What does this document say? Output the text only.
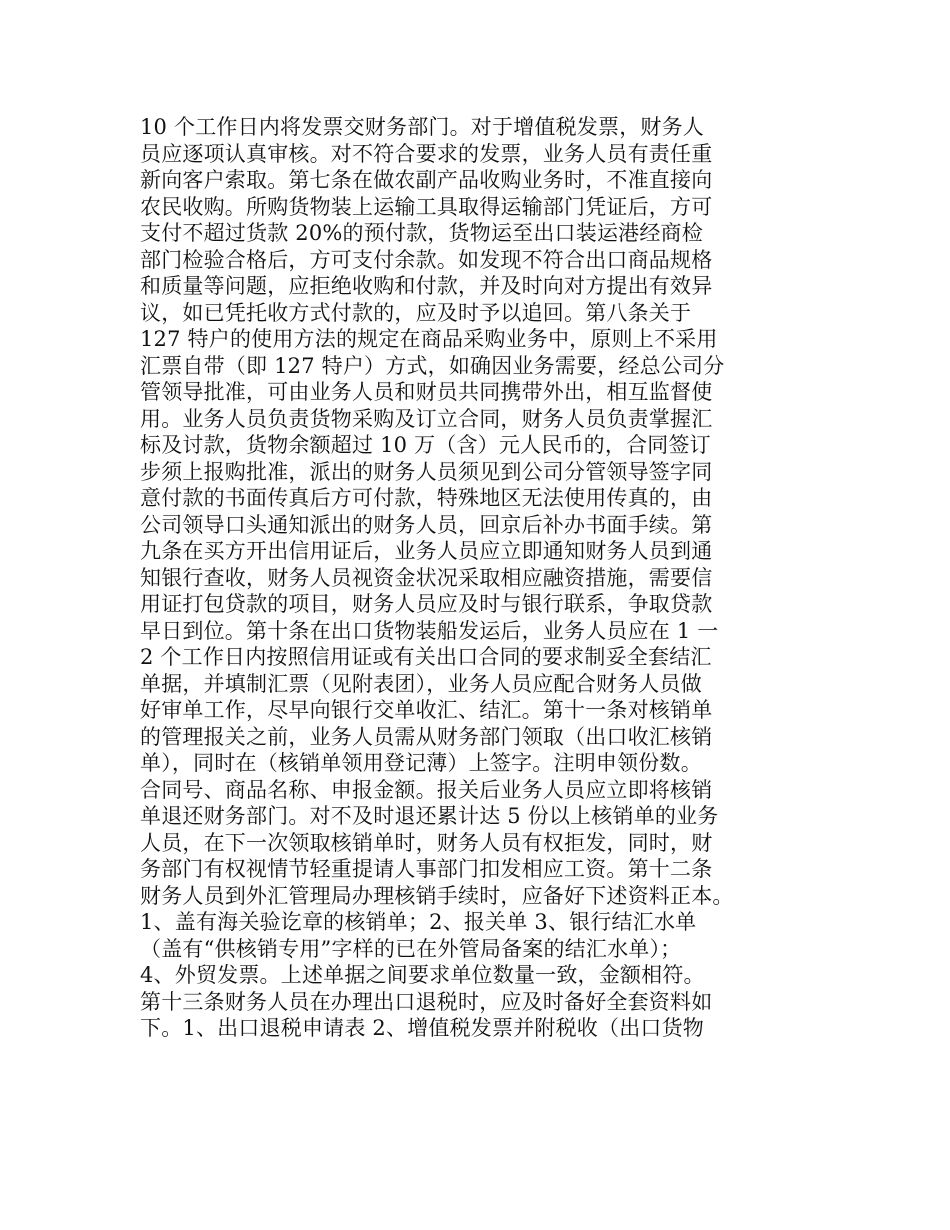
10 个工作日内将发票交财务部门。对于增值税发票，财务人
员应逐项认真审核。对不符合要求的发票，业务人员有责任重
新向客户索取。第七条在做农副产品收购业务时，不准直接向
农民收购。所购货物装上运输工具取得运输部门凭证后，方可
支付不超过货款 20%的预付款，货物运至出口装运港经商检
部门检验合格后，方可支付余款。如发现不符合出口商品规格
和质量等问题，应拒绝收购和付款，并及时向对方提出有效异
议，如已凭托收方式付款的，应及时予以追回。第八条关于
127 特户的使用方法的规定在商品采购业务中，原则上不采用
汇票自带（即 127 特户）方式，如确因业务需要，经总公司分
管领导批准，可由业务人员和财员共同携带外出，相互监督使
用。业务人员负责货物采购及订立合同，财务人员负责掌握汇
标及讨款，货物余额超过 10 万（含）元人民币的，合同签订
步须上报购批准，派出的财务人员须见到公司分管领导签字同
意付款的书面传真后方可付款，特殊地区无法使用传真的，由
公司领导口头通知派出的财务人员，回京后补办书面手续。第
九条在买方开出信用证后，业务人员应立即通知财务人员到通
知银行查收，财务人员视资金状况采取相应融资措施，需要信
用证打包贷款的项目，财务人员应及时与银行联系，争取贷款
早日到位。第十条在出口货物装船发运后，业务人员应在 1 一
2 个工作日内按照信用证或有关出口合同的要求制妥全套结汇
单据，并填制汇票（见附表团），业务人员应配合财务人员做
好审单工作，尽早向银行交单收汇、结汇。第十一条对核销单
的管理报关之前，业务人员需从财务部门领取（出口收汇核销
单），同时在（核销单领用登记薄）上签字。注明申领份数。
合同号、商品名称、申报金额。报关后业务人员应立即将核销
单退还财务部门。对不及时退还累计达 5 份以上核销单的业务
人员，在下一次领取核销单时，财务人员有权拒发，同时，财
务部门有权视情节轻重提请人事部门扣发相应工资。第十二条
财务人员到外汇管理局办理核销手续时，应备好下述资料正本。
1、盖有海关验讫章的核销单；2、报关单 3、银行结汇水单
（盖有“供核销专用”字样的已在外管局备案的结汇水单）；
4、外贸发票。上述单据之间要求单位数量一致，金额相符。
第十三条财务人员在办理出口退税时，应及时备好全套资料如
下。1、出口退税申请表 2、增值税发票并附税收（出口货物
